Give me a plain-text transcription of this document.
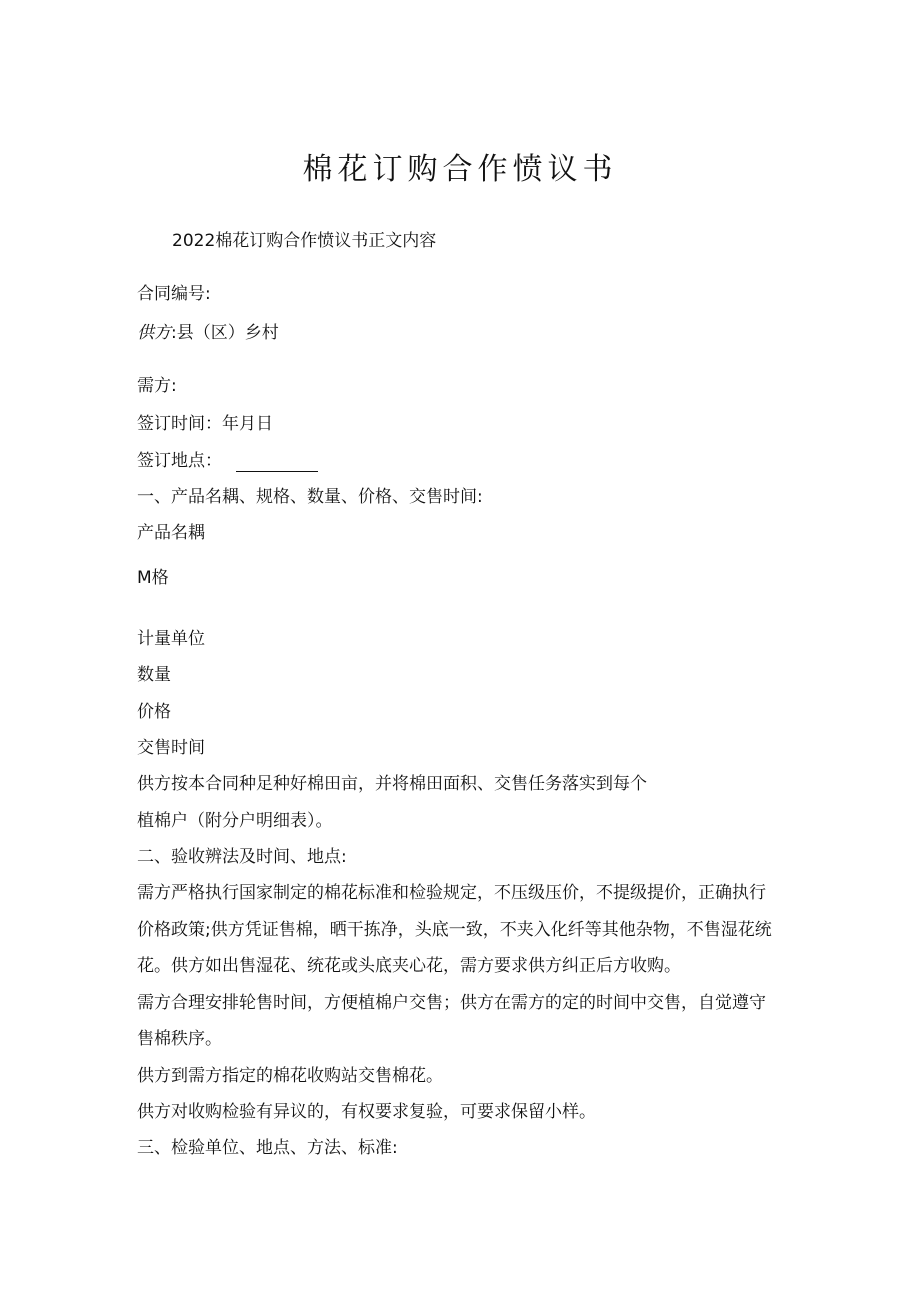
棉花订购合作愤议书
2022棉花订购合作愤议书正文内容
合同编号:
供方:县（区）乡村
需方:
签订时间：年月日
签订地点：
一、产品名耦、规格、数量、价格、交售时间:
产品名耦
M格
计量单位
数量
价格
交售时间
供方按本合同种足种好棉田亩，并将棉田面积、交售任务落实到每个
植棉户（附分户明细表）。
二、验收辨法及时间、地点:
需方严格执行国家制定的棉花标准和检验规定，不压级压价，不提级提价，正确执行
价格政策;供方凭证售棉，晒干拣净，头底一致，不夹入化纤等其他杂物，不售湿花统
花。供方如出售湿花、统花或头底夹心花，需方要求供方纠正后方收购。
需方合理安排轮售时间，方便植棉户交售；供方在需方的定的时间中交售，自觉遵守
售棉秩序。
供方到需方指定的棉花收购站交售棉花。
供方对收购检验有异议的，有权要求复验，可要求保留小样。
三、检验单位、地点、方法、标准:
